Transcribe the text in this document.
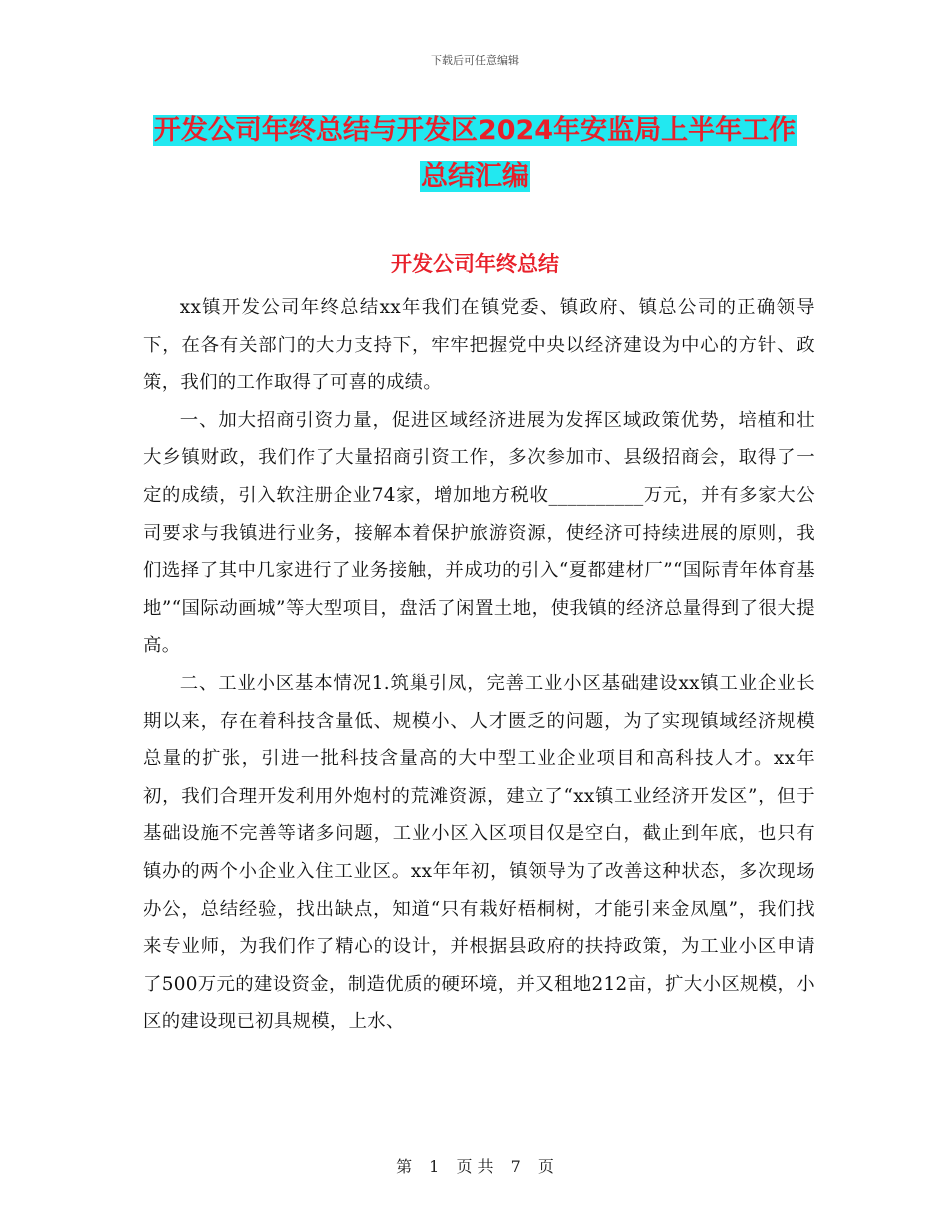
下载后可任意编辑
开发公司年终总结与开发区2024年安监局上半年工作
总结汇编
开发公司年终总结

xx镇开发公司年终总结xx年我们在镇党委、镇政府、镇总公司的正确领导下，在各有关部门的大力支持下，牢牢把握党中央以经济建设为中心的方针、政策，我们的工作取得了可喜的成绩。

一、加大招商引资力量，促进区域经济进展为发挥区域政策优势，培植和壮大乡镇财政，我们作了大量招商引资工作，多次参加市、县级招商会，取得了一定的成绩，引入软注册企业74家，增加地方税收__________万元，并有多家大公司要求与我镇进行业务，接解本着保护旅游资源，使经济可持续进展的原则，我们选择了其中几家进行了业务接触，并成功的引入“夏都建材厂”“国际青年体育基地”“国际动画城”等大型项目，盘活了闲置土地，使我镇的经济总量得到了很大提高。

二、工业小区基本情况1.筑巢引凤，完善工业小区基础建设xx镇工业企业长期以来，存在着科技含量低、规模小、人才匮乏的问题，为了实现镇域经济规模总量的扩张，引进一批科技含量高的大中型工业企业项目和高科技人才。xx年初，我们合理开发利用外炮村的荒滩资源，建立了“xx镇工业经济开发区”，但于基础设施不完善等诸多问题，工业小区入区项目仅是空白，截止到年底，也只有镇办的两个小企业入住工业区。xx年年初，镇领导为了改善这种状态，多次现场办公，总结经验，找出缺点，知道“只有栽好梧桐树，才能引来金凤凰”，我们找来专业师，为我们作了精心的设计，并根据县政府的扶持政策，为工业小区申请了500万元的建设资金，制造优质的硬环境，并又租地212亩，扩大小区规模，小区的建设现已初具规模，上水、

第 1 页 共 7 页
